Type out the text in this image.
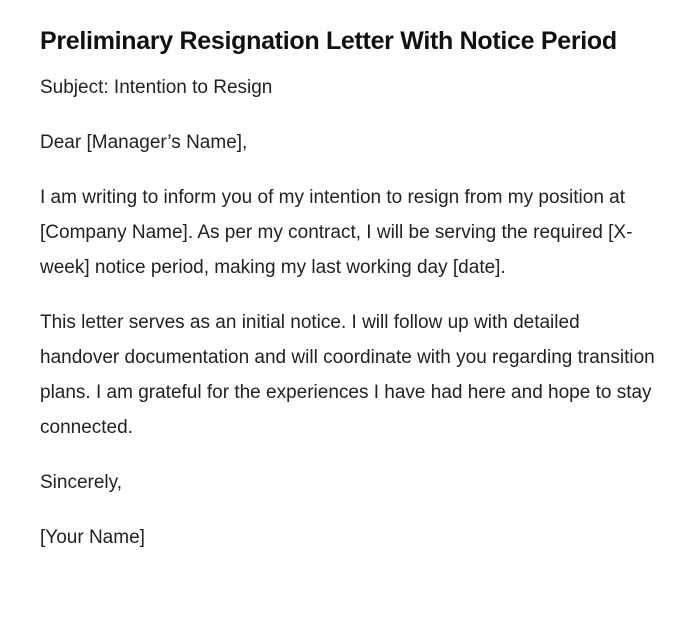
Preliminary Resignation Letter With Notice Period

Subject: Intention to Resign

Dear [Manager’s Name],

I am writing to inform you of my intention to resign from my position at [Company Name]. As per my contract, I will be serving the required [X-week] notice period, making my last working day [date].

This letter serves as an initial notice. I will follow up with detailed handover documentation and will coordinate with you regarding transition plans. I am grateful for the experiences I have had here and hope to stay connected.

Sincerely,

[Your Name]
